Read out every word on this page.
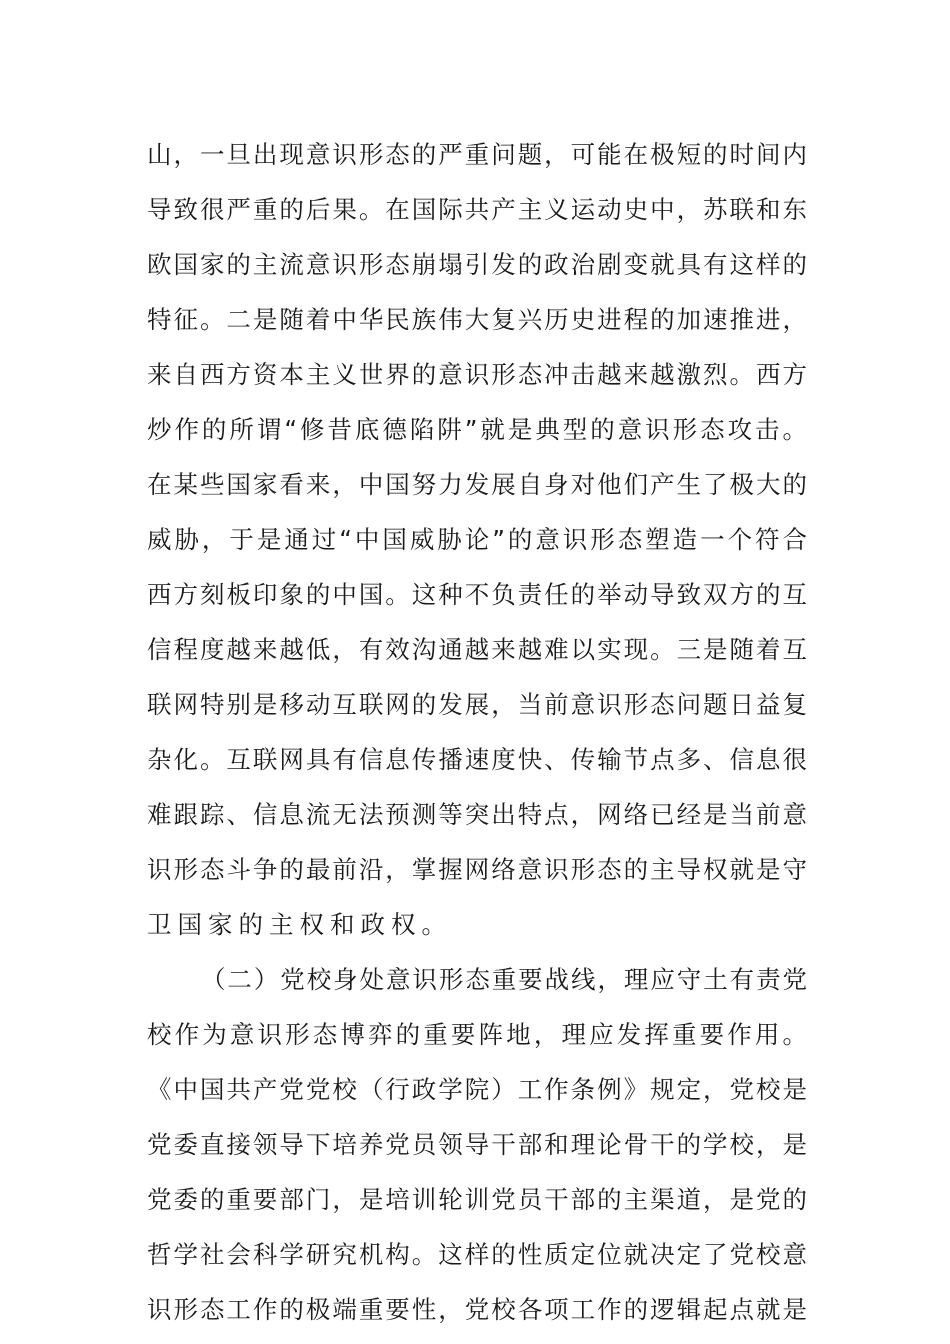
山，一旦出现意识形态的严重问题，可能在极短的时间内
导致很严重的后果。在国际共产主义运动史中，苏联和东
欧国家的主流意识形态崩塌引发的政治剧变就具有这样的
特征。二是随着中华民族伟大复兴历史进程的加速推进，
来自西方资本主义世界的意识形态冲击越来越激烈。西方
炒作的所谓“修昔底德陷阱”就是典型的意识形态攻击。
在某些国家看来，中国努力发展自身对他们产生了极大的
威胁，于是通过“中国威胁论”的意识形态塑造一个符合
西方刻板印象的中国。这种不负责任的举动导致双方的互
信程度越来越低，有效沟通越来越难以实现。三是随着互
联网特别是移动互联网的发展，当前意识形态问题日益复
杂化。互联网具有信息传播速度快、传输节点多、信息很
难跟踪、信息流无法预测等突出特点，网络已经是当前意
识形态斗争的最前沿，掌握网络意识形态的主导权就是守
卫国家的主权和政权。
（二）党校身处意识形态重要战线，理应守土有责党
校作为意识形态博弈的重要阵地，理应发挥重要作用。
《中国共产党党校（行政学院）工作条例》规定，党校是
党委直接领导下培养党员领导干部和理论骨干的学校，是
党委的重要部门，是培训轮训党员干部的主渠道，是党的
哲学社会科学研究机构。这样的性质定位就决定了党校意
识形态工作的极端重要性，党校各项工作的逻辑起点就是
